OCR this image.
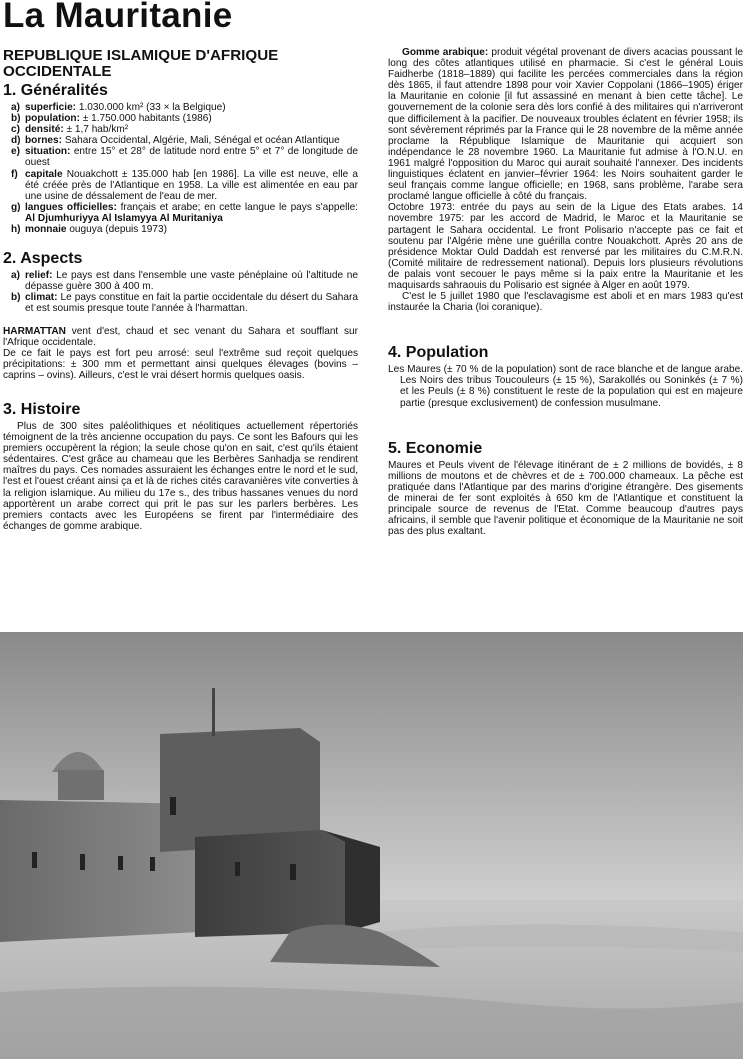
La Mauritanie
REPUBLIQUE ISLAMIQUE D'AFRIQUE OCCIDENTALE
1. Généralités
a) superficie: 1.030.000 km² (33 × la Belgique)
b) population: ± 1.750.000 habitants (1986)
c) densité: ± 1,7 hab/km²
d) bornes: Sahara Occidental, Algérie, Mali, Sénégal et océan Atlantique
e) situation: entre 15° et 28° de latitude nord entre 5° et 7° de longitude de ouest
f) capitale Nouakchott ± 135.000 hab [en 1986]. La ville est neuve, elle a été créée près de l'Atlantique en 1958. La ville est alimentée en eau par une usine de déssalement de l'eau de mer.
g) langues officielles: français et arabe; en cette langue le pays s'appelle: Al Djumhuriyya Al Islamyya Al Muritaniya
h) monnaie ouguya (depuis 1973)
2. Aspects
a) relief: Le pays est dans l'ensemble une vaste pénéplaine où l'altitude ne dépasse guère 300 à 400 m.
b) climat: Le pays constitue en fait la partie occidentale du désert du Sahara et est soumis presque toute l'année à l'harmattan.

HARMATTAN vent d'est, chaud et sec venant du Sahara et soufflant sur l'Afrique occidentale.

De ce fait le pays est fort peu arrosé: seul l'extrême sud reçoit quelques précipitations: ± 300 mm et permettant ainsi quelques élevages (bovins – caprins – ovins). Ailleurs, c'est le vrai désert hormis quelques oasis.

3. Histoire

Plus de 300 sites paléolithiques et néolitiques actuellement répertoriés témoignent de la très ancienne occupation du pays. Ce sont les Bafours qui les premiers occupèrent la région; la seule chose qu'on en sait, c'est qu'ils étaient sédentaires. C'est grâce au chameau que les Berbères Sanhadja se rendirent maîtres du pays. Ces nomades assuraient les échanges entre le nord et le sud, l'est et l'ouest créant ainsi ça et là de riches cités caravanières vite converties à la religion islamique. Au milieu du 17e s., des tribus hassanes venues du nord apportèrent un arabe correct qui prit le pas sur les parlers berbères. Les premiers contacts avec les Européens se firent par l'intermédiaire des échanges de gomme arabique.

Gomme arabique: produit végétal provenant de divers acacias poussant le long des côtes atlantiques utilisé en pharmacie. Si c'est le général Louis Faidherbe (1818–1889) qui facilite les percées commerciales dans la région dès 1865, il faut attendre 1898 pour voir Xavier Coppolani (1866–1905) ériger la Mauritanie en colonie [il fut assassiné en menant à bien cette tâche]. Le gouvernement de la colonie sera dès lors confié à des militaires qui n'arriveront que difficilement à la pacifier. De nouveaux troubles éclatent en février 1958; ils sont sévèrement réprimés par la France qui le 28 novembre de la même année proclame la République Islamique de Mauritanie qui acquiert son indépendance le 28 novembre 1960. La Mauritanie fut admise à l'O.N.U. en 1961 malgré l'opposition du Maroc qui aurait souhaité l'annexer. Des incidents linguistiques éclatent en janvier–février 1964: les Noirs souhaitent garder le seul français comme langue officielle; en 1968, sans problème, l'arabe sera proclamé langue officielle à côté du français.

Octobre 1973: entrée du pays au sein de la Ligue des Etats arabes. 14 novembre 1975: par les accord de Madrid, le Maroc et la Mauritanie se partagent le Sahara occidental. Le front Polisario n'accepte pas ce fait et soutenu par l'Algérie mène une guérilla contre Nouakchott. Après 20 ans de présidence Moktar Ould Daddah est renversé par les militaires du C.M.R.N. (Comité militaire de redressement national). Depuis lors plusieurs révolutions de palais vont secouer le pays même si la paix entre la Mauritanie et les maquisards sahraouis du Polisario est signée à Alger en août 1979.

C'est le 5 juillet 1980 que l'esclavagisme est aboli et en mars 1983 qu'est instaurée la Charia (loi coranique).

4. Population

Les Maures (± 70 % de la population) sont de race blanche et de langue arabe. Les Noirs des tribus Toucouleurs (± 15 %), Sarakollés ou Soninkés (± 7 %) et les Peuls (± 8 %) constituent le reste de la population qui est en majeure partie (presque exclusivement) de confession musulmane.

5. Economie

Maures et Peuls vivent de l'élevage itinérant de ± 2 millions de bovidés, ± 8 millions de moutons et de chèvres et de ± 700.000 chameaux. La pêche est pratiquée dans l'Atlantique par des marins d'origine étrangère. Des gisements de minerai de fer sont exploités à 650 km de l'Atlantique et constituent la principale source de revenus de l'Etat. Comme beaucoup d'autres pays africains, il semble que l'avenir politique et économique de la Mauritanie ne soit pas des plus exaltant.
